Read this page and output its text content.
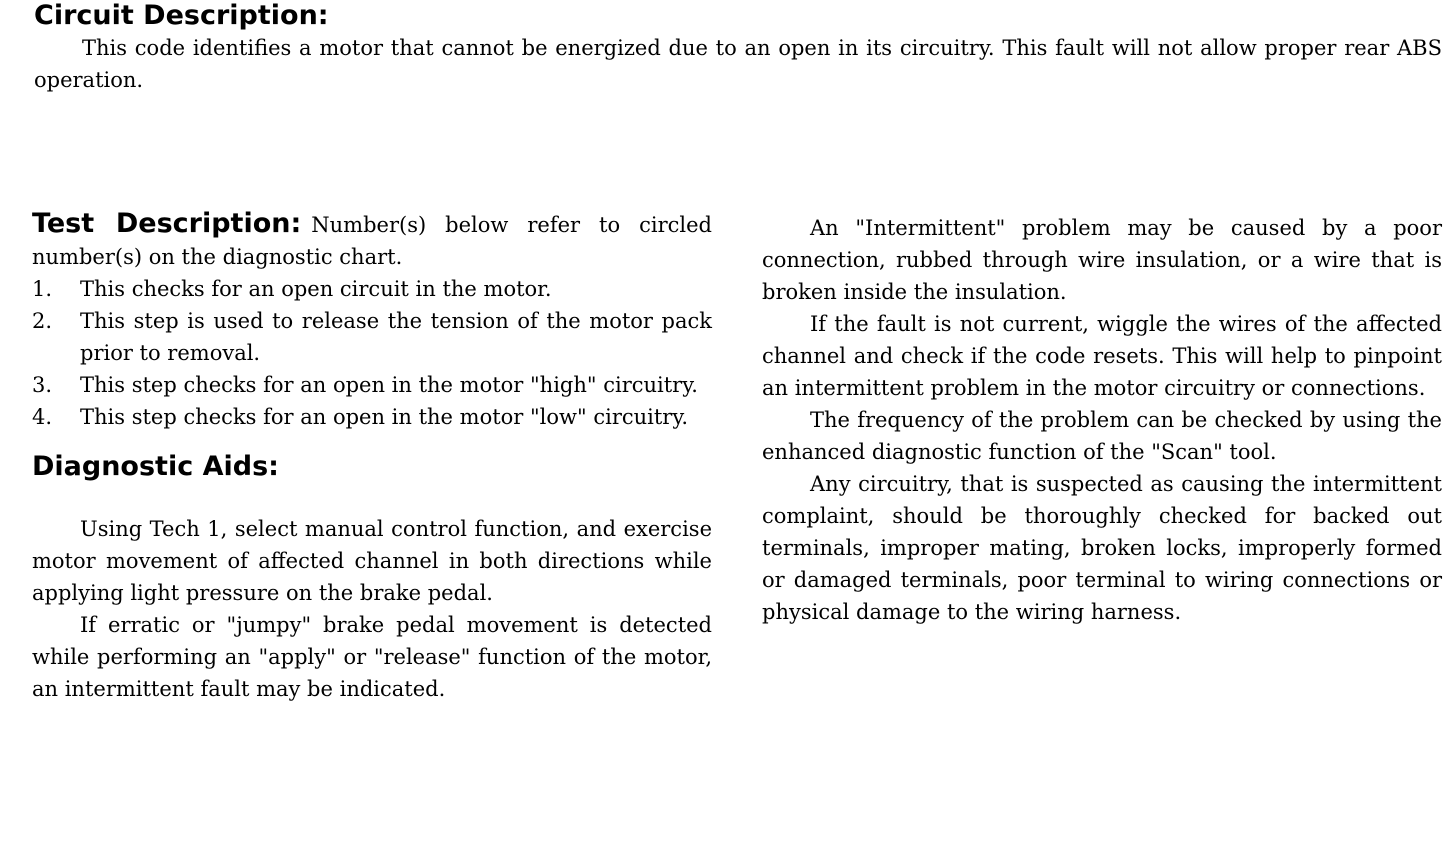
Circuit Description:

This code identifies a motor that cannot be energized due to an open in its circuitry. This fault will not allow proper rear ABS operation.

Test Description: Number(s) below refer to circled number(s) on the diagnostic chart.

1. This checks for an open circuit in the motor.
2. This step is used to release the tension of the motor pack prior to removal.
3. This step checks for an open in the motor "high" circuitry.
4. This step checks for an open in the motor "low" circuitry.
Diagnostic Aids:

Using Tech 1, select manual control function, and exercise motor movement of affected channel in both directions while applying light pressure on the brake pedal.

If erratic or "jumpy" brake pedal movement is detected while performing an "apply" or "release" function of the motor, an intermittent fault may be indicated.

An "Intermittent" problem may be caused by a poor connection, rubbed through wire insulation, or a wire that is broken inside the insulation.

If the fault is not current, wiggle the wires of the affected channel and check if the code resets. This will help to pinpoint an intermittent problem in the motor circuitry or connections.

The frequency of the problem can be checked by using the enhanced diagnostic function of the "Scan" tool.

Any circuitry, that is suspected as causing the intermittent complaint, should be thoroughly checked for backed out terminals, improper mating, broken locks, improperly formed or damaged terminals, poor terminal to wiring connections or physical damage to the wiring harness.
